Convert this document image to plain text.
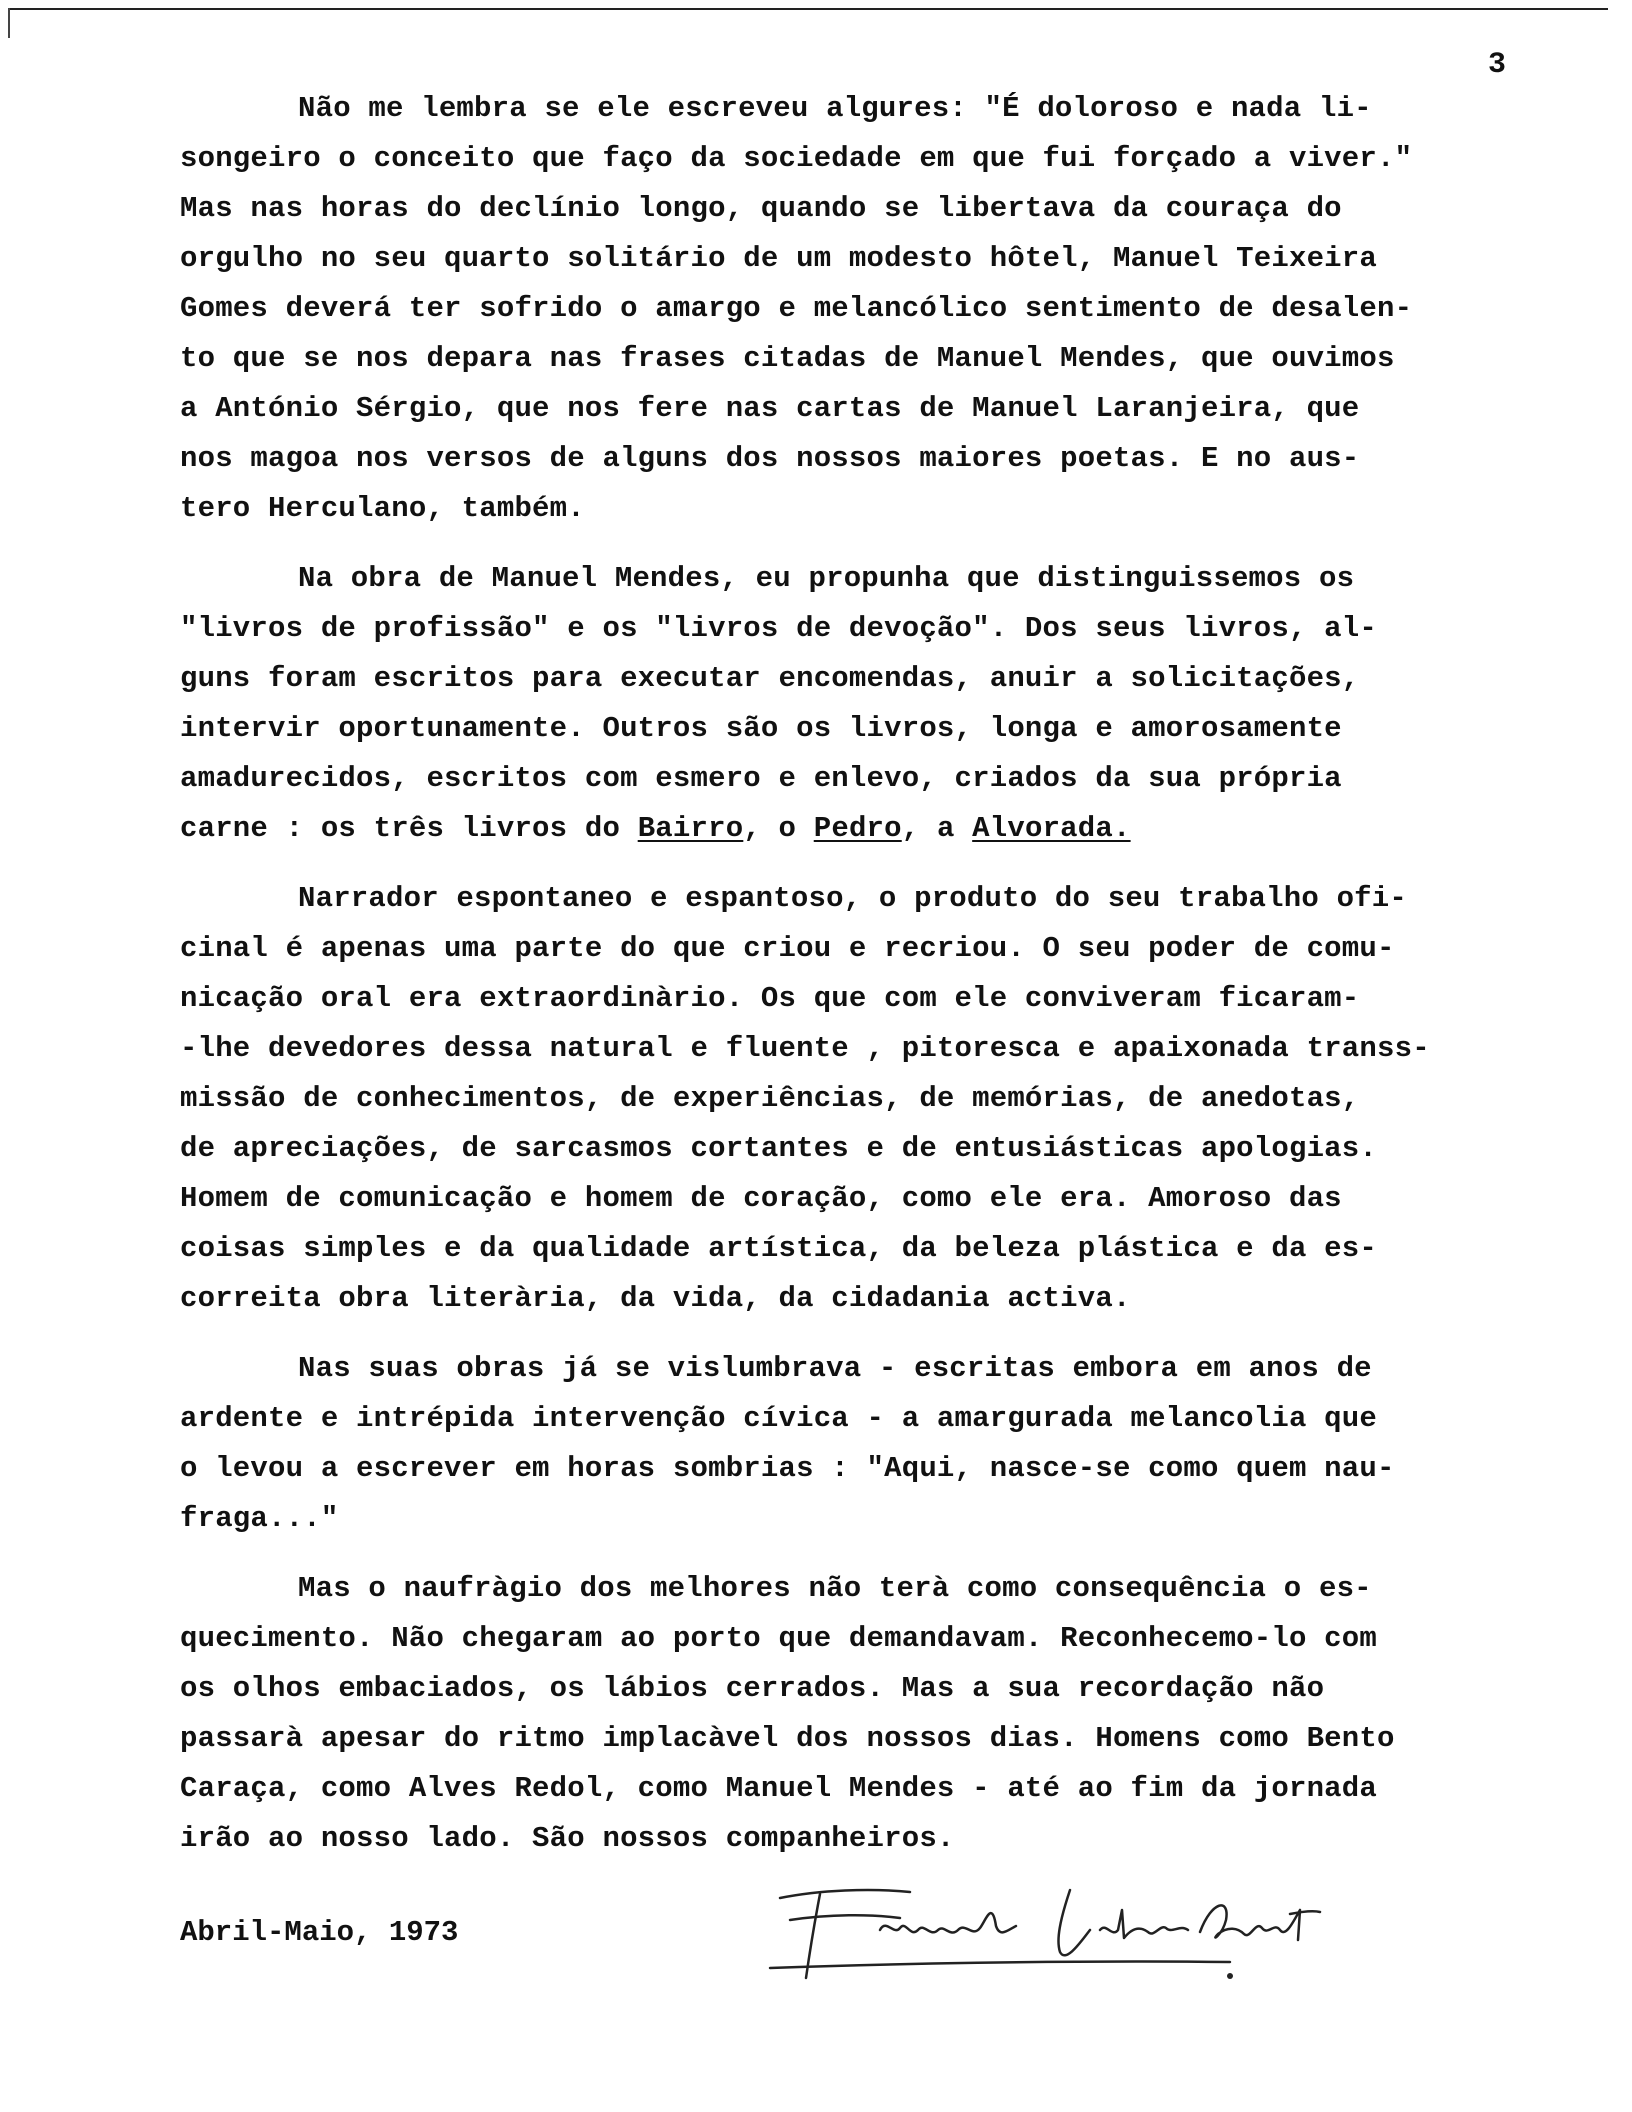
3

Não me lembra se ele escreveu algures: "É doloroso e nada li-
songeiro o conceito que faço da sociedade em que fui forçado a viver."
Mas nas horas do declínio longo, quando se libertava da couraça do
orgulho no seu quarto solitário de um modesto hôtel, Manuel Teixeira
Gomes deverá ter sofrido o amargo e melancólico sentimento de desalen-
to que se nos depara nas frases citadas de Manuel Mendes, que ouvimos
a António Sérgio, que nos fere nas cartas de Manuel Laranjeira, que
nos magoa nos versos de alguns dos nossos maiores poetas. E no aus-
tero Herculano, também.

Na obra de Manuel Mendes, eu propunha que distinguissemos os
"livros de profissão" e os "livros de devoção". Dos seus livros, al-
guns foram escritos para executar encomendas, anuir a solicitações,
intervir oportunamente. Outros são os livros, longa e amorosamente
amadurecidos, escritos com esmero e enlevo, criados da sua própria
carne : os três livros do Bairro, o Pedro, a Alvorada.

Narrador espontaneo e espantoso, o produto do seu trabalho ofi-
cinal é apenas uma parte do que criou e recriou. O seu poder de comu-
nicação oral era extraordinàrio. Os que com ele conviveram ficaram-
-lhe devedores dessa natural e fluente , pitoresca e apaixonada transs-
missão de conhecimentos, de experiências, de memórias, de anedotas,
de apreciações, de sarcasmos cortantes e de entusiásticas apologias.
Homem de comunicação e homem de coração, como ele era. Amoroso das
coisas simples e da qualidade artística, da beleza plástica e da es-
correita obra literària, da vida, da cidadania activa.

Nas suas obras já se vislumbrava - escritas embora em anos de
ardente e intrépida intervenção cívica - a amargurada melancolia que
o levou a escrever em horas sombrias : "Aqui, nasce-se como quem nau-
fraga..."

Mas o naufràgio dos melhores não terà como consequência o es-
quecimento. Não chegaram ao porto que demandavam. Reconhecemo-lo com
os olhos embaciados, os lábios cerrados. Mas a sua recordação não
passarà apesar do ritmo implacàvel dos nossos dias. Homens como Bento
Caraça, como Alves Redol, como Manuel Mendes - até ao fim da jornada
irão ao nosso lado. São nossos companheiros.

Abril-Maio, 1973
